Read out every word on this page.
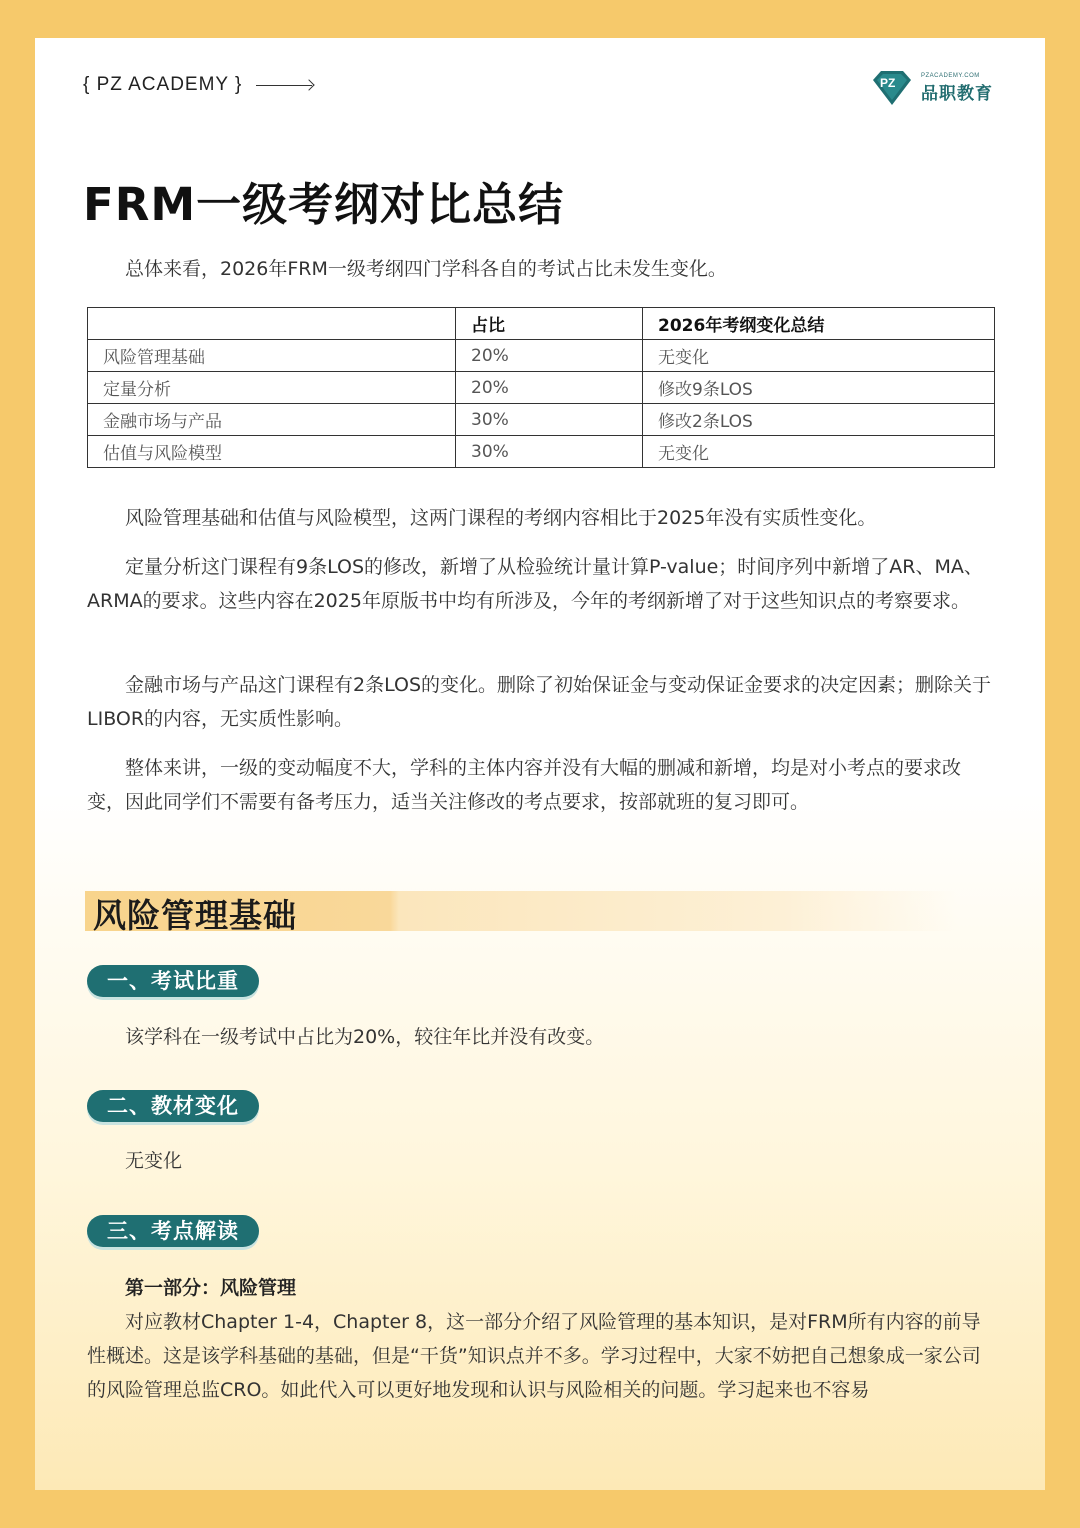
{ PZ ACADEMY }	PZ
PZACADEMY.COM
品职教育
FRM一级考纲对比总结

总体来看，2026年FRM一级考纲四门学科各自的考试占比未发生变化。

	占比	2026年考纲变化总结
风险管理基础	20%	无变化
定量分析	20%	修改9条LOS
金融市场与产品	30%	修改2条LOS
估值与风险模型	30%	无变化

风险管理基础和估值与风险模型，这两门课程的考纲内容相比于2025年没有实质性变化。

定量分析这门课程有9条LOS的修改，新增了从检验统计量计算P-value；时间序列中新增了AR、MA、ARMA的要求。这些内容在2025年原版书中均有所涉及，今年的考纲新增了对于这些知识点的考察要求。

金融市场与产品这门课程有2条LOS的变化。删除了初始保证金与变动保证金要求的决定因素；删除关于LIBOR的内容，无实质性影响。

整体来讲，一级的变动幅度不大，学科的主体内容并没有大幅的删减和新增，均是对小考点的要求改变，因此同学们不需要有备考压力，适当关注修改的考点要求，按部就班的复习即可。

风险管理基础
一、考试比重

该学科在一级考试中占比为20%，较往年比并没有改变。

二、教材变化

无变化

三、考点解读
第一部分：风险管理

对应教材Chapter 1-4，Chapter 8，这一部分介绍了风险管理的基本知识，是对FRM所有内容的前导性概述。这是该学科基础的基础，但是“干货”知识点并不多。学习过程中，大家不妨把自己想象成一家公司的风险管理总监CRO。如此代入可以更好地发现和认识与风险相关的问题。学习起来也不容易
